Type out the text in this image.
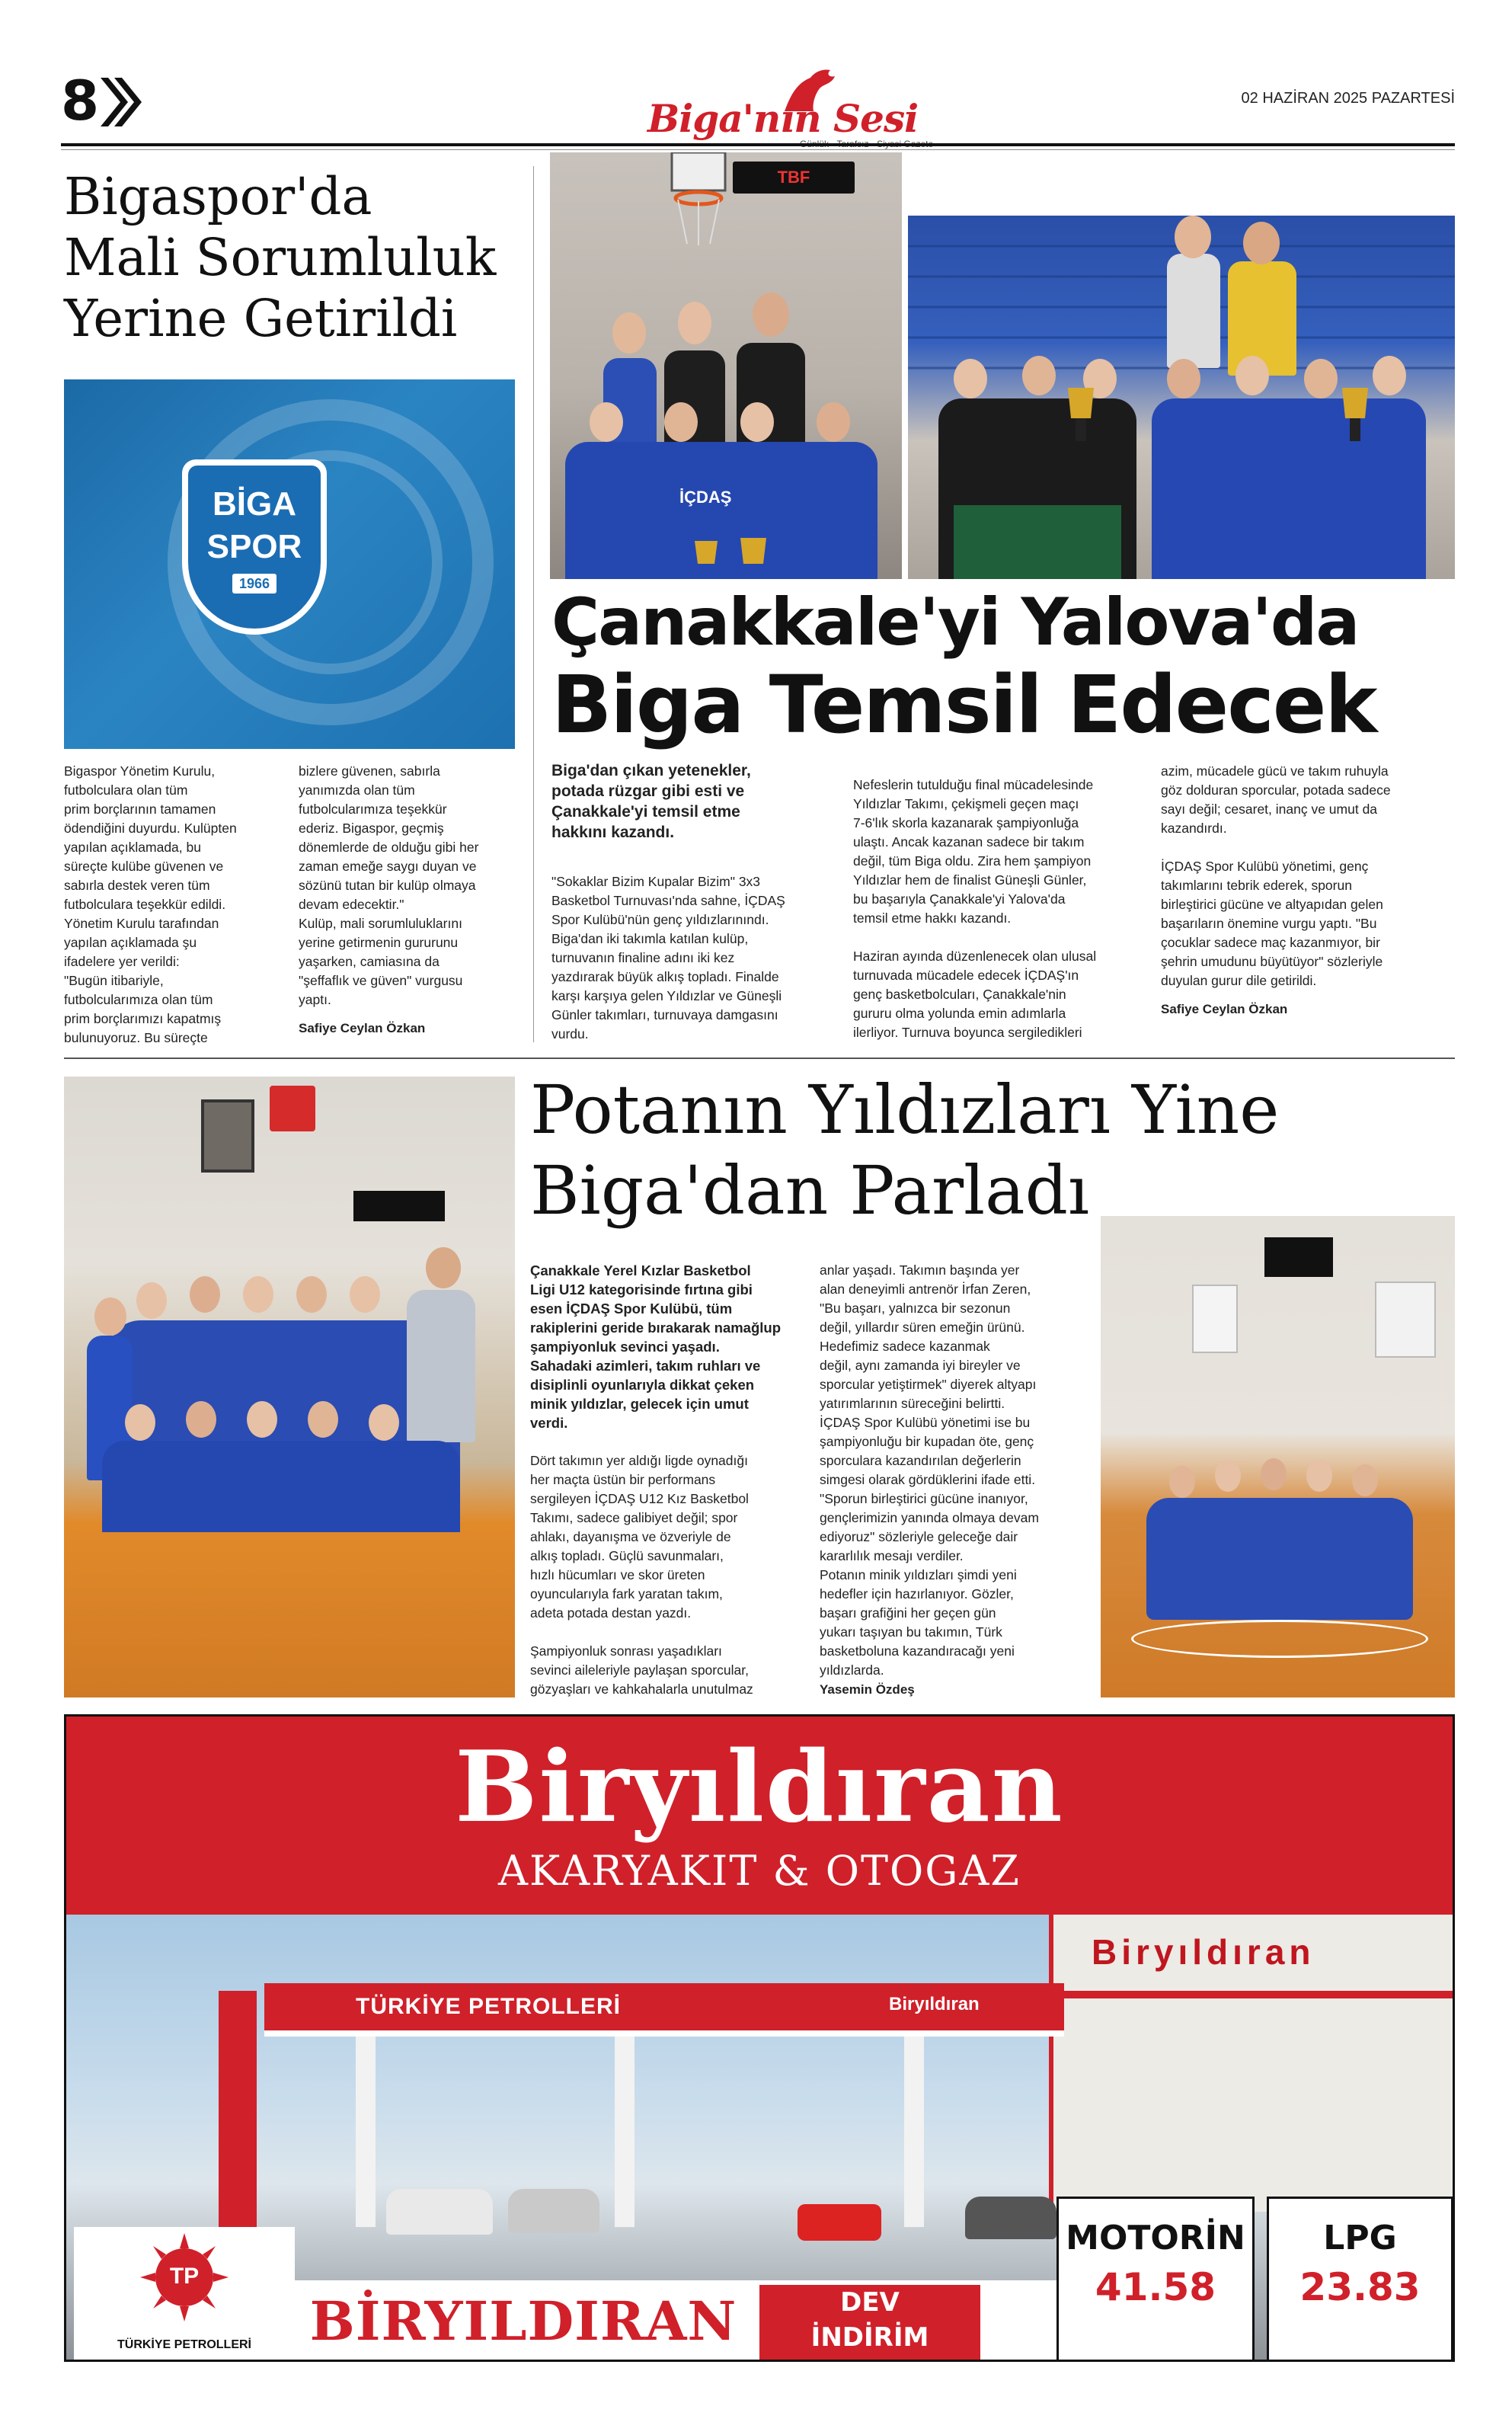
8	Biga'nın Sesi	02 HAZİRAN 2025 PAZARTESİ
Bigaspor'da
Mali Sorumluluk
Yerine Getirildi
BİGA
SPOR
1966
Bigaspor Yönetim Kurulu,
futbolculara olan tüm
prim borçlarının tamamen
ödendiğini duyurdu. Kulüpten
yapılan açıklamada, bu
süreçte kulübe güvenen ve
sabırla destek veren tüm
futbolculara teşekkür edildi.
Yönetim Kurulu tarafından
yapılan açıklamada şu
ifadelere yer verildi:
"Bugün itibariyle,
futbolcularımıza olan tüm
prim borçlarımızı kapatmış
bulunuyoruz. Bu süreçte
bizlere güvenen, sabırla
yanımızda olan tüm
futbolcularımıza teşekkür
ederiz. Bigaspor, geçmiş
dönemlerde de olduğu gibi her
zaman emeğe saygı duyan ve
sözünü tutan bir kulüp olmaya
devam edecektir."
Kulüp, mali sorumluluklarını
yerine getirmenin gururunu
yaşarken, camiasına da
"şeffaflık ve güven" vurgusu
yaptı.
Safiye Ceylan Özkan
TBF
İÇDAŞ
Çanakkale'yi Yalova'da
Biga Temsil Edecek
Biga'dan çıkan yetenekler,
potada rüzgar gibi esti ve
Çanakkale'yi temsil etme
hakkını kazandı.
"Sokaklar Bizim Kupalar Bizim" 3x3
Basketbol Turnuvası'nda sahne, İÇDAŞ
Spor Kulübü'nün genç yıldızlarınındı.
Biga'dan iki takımla katılan kulüp,
turnuvanın finaline adını iki kez
yazdırarak büyük alkış topladı. Finalde
karşı karşıya gelen Yıldızlar ve Güneşli
Günler takımları, turnuvaya damgasını
vurdu.
Nefeslerin tutulduğu final mücadelesinde
Yıldızlar Takımı, çekişmeli geçen maçı
7-6'lık skorla kazanarak şampiyonluğa
ulaştı. Ancak kazanan sadece bir takım
değil, tüm Biga oldu. Zira hem şampiyon
Yıldızlar hem de finalist Güneşli Günler,
bu başarıyla Çanakkale'yi Yalova'da
temsil etme hakkı kazandı.

Haziran ayında düzenlenecek olan ulusal
turnuvada mücadele edecek İÇDAŞ'ın
genç basketbolcuları, Çanakkale'nin
gururu olma yolunda emin adımlarla
ilerliyor. Turnuva boyunca sergiledikleri
azim, mücadele gücü ve takım ruhuyla
göz dolduran sporcular, potada sadece
sayı değil; cesaret, inanç ve umut da
kazandırdı.

İÇDAŞ Spor Kulübü yönetimi, genç
takımlarını tebrik ederek, sporun
birleştirici gücüne ve altyapıdan gelen
başarıların önemine vurgu yaptı. "Bu
çocuklar sadece maç kazanmıyor, bir
şehrin umudunu büyütüyor" sözleriyle
duyulan gurur dile getirildi.
Safiye Ceylan Özkan
Potanın Yıldızları Yine
Biga'dan Parladı
Çanakkale Yerel Kızlar Basketbol
Ligi U12 kategorisinde fırtına gibi
esen İÇDAŞ Spor Kulübü, tüm
rakiplerini geride bırakarak namağlup
şampiyonluk sevinci yaşadı.
Sahadaki azimleri, takım ruhları ve
disiplinli oyunlarıyla dikkat çeken
minik yıldızlar, gelecek için umut
verdi.
Dört takımın yer aldığı ligde oynadığı
her maçta üstün bir performans
sergileyen İÇDAŞ U12 Kız Basketbol
Takımı, sadece galibiyet değil; spor
ahlakı, dayanışma ve özveriyle de
alkış topladı. Güçlü savunmaları,
hızlı hücumları ve skor üreten
oyuncularıyla fark yaratan takım,
adeta potada destan yazdı.

Şampiyonluk sonrası yaşadıkları
sevinci aileleriyle paylaşan sporcular,
gözyaşları ve kahkahalarla unutulmaz
anlar yaşadı. Takımın başında yer
alan deneyimli antrenör İrfan Zeren,
"Bu başarı, yalnızca bir sezonun
değil, yıllardır süren emeğin ürünü.
Hedefimiz sadece kazanmak
değil, aynı zamanda iyi bireyler ve
sporcular yetiştirmek" diyerek altyapı
yatırımlarının süreceğini belirtti.
İÇDAŞ Spor Kulübü yönetimi ise bu
şampiyonluğu bir kupadan öte, genç
sporculara kazandırılan değerlerin
simgesi olarak gördüklerini ifade etti.
"Sporun birleştirici gücüne inanıyor,
gençlerimizin yanında olmaya devam
ediyoruz" sözleriyle geleceğe dair
kararlılık mesajı verdiler.
Potanın minik yıldızları şimdi yeni
hedefler için hazırlanıyor. Gözler,
başarı grafiğini her geçen gün
yukarı taşıyan bu takımın, Türk
basketboluna kazandıracağı yeni
yıldızlarda.
Yasemin Özdeş
Biryıldıran
AKARYAKIT & OTOGAZ
Biryıldıran
TÜRKİYE PETROLLERİ	Biryıldıran
TP
TÜRKİYE PETROLLERİ	BİRYILDIRAN	DEV
İNDİRİM
MOTORİN
41.58
LPG
23.83
